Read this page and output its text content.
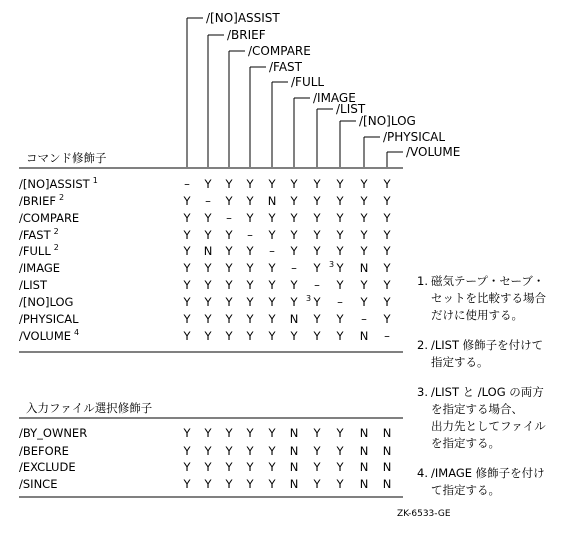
/[NO]ASSIST
/BRIEF
/COMPARE
/FAST
/FULL
/IMAGE
/LIST
/[NO]LOG
/PHYSICAL
/VOLUME
コマンド修飾子
入力ファイル選択修飾子
/[NO]ASSIST 1	– Y Y Y Y Y Y Y Y Y
/BRIEF 2	Y – Y Y N Y Y Y Y Y
/COMPARE	Y Y – Y Y Y Y Y Y Y
/FAST 2	Y Y Y – Y Y Y Y Y Y
/FULL 2	Y N Y Y – Y Y Y Y Y
/IMAGE	Y Y Y Y Y – Y Y N Y
/LIST	Y Y Y Y Y Y – Y Y Y
/[NO]LOG	Y Y Y Y Y Y Y – Y Y
/PHYSICAL	Y Y Y Y Y N Y Y – Y
/VOLUME 4	Y Y Y Y Y Y Y Y N –
3
3
/BY_OWNER	Y Y Y Y Y N Y Y N N
/BEFORE	Y Y Y Y Y N Y Y N N
/EXCLUDE	Y Y Y Y Y N Y Y N N
/SINCE	Y Y Y Y Y N Y Y N N
1. 磁気テープ・セーブ・
セットを比較する場合
だけに使用する。
2. /LIST 修飾子を付けて
指定する。
3. /LIST と /LOG の両方
を指定する場合、
出力先としてファイル
を指定する。
4. /IMAGE 修飾子を付け
て指定する。
ZK-6533-GE
